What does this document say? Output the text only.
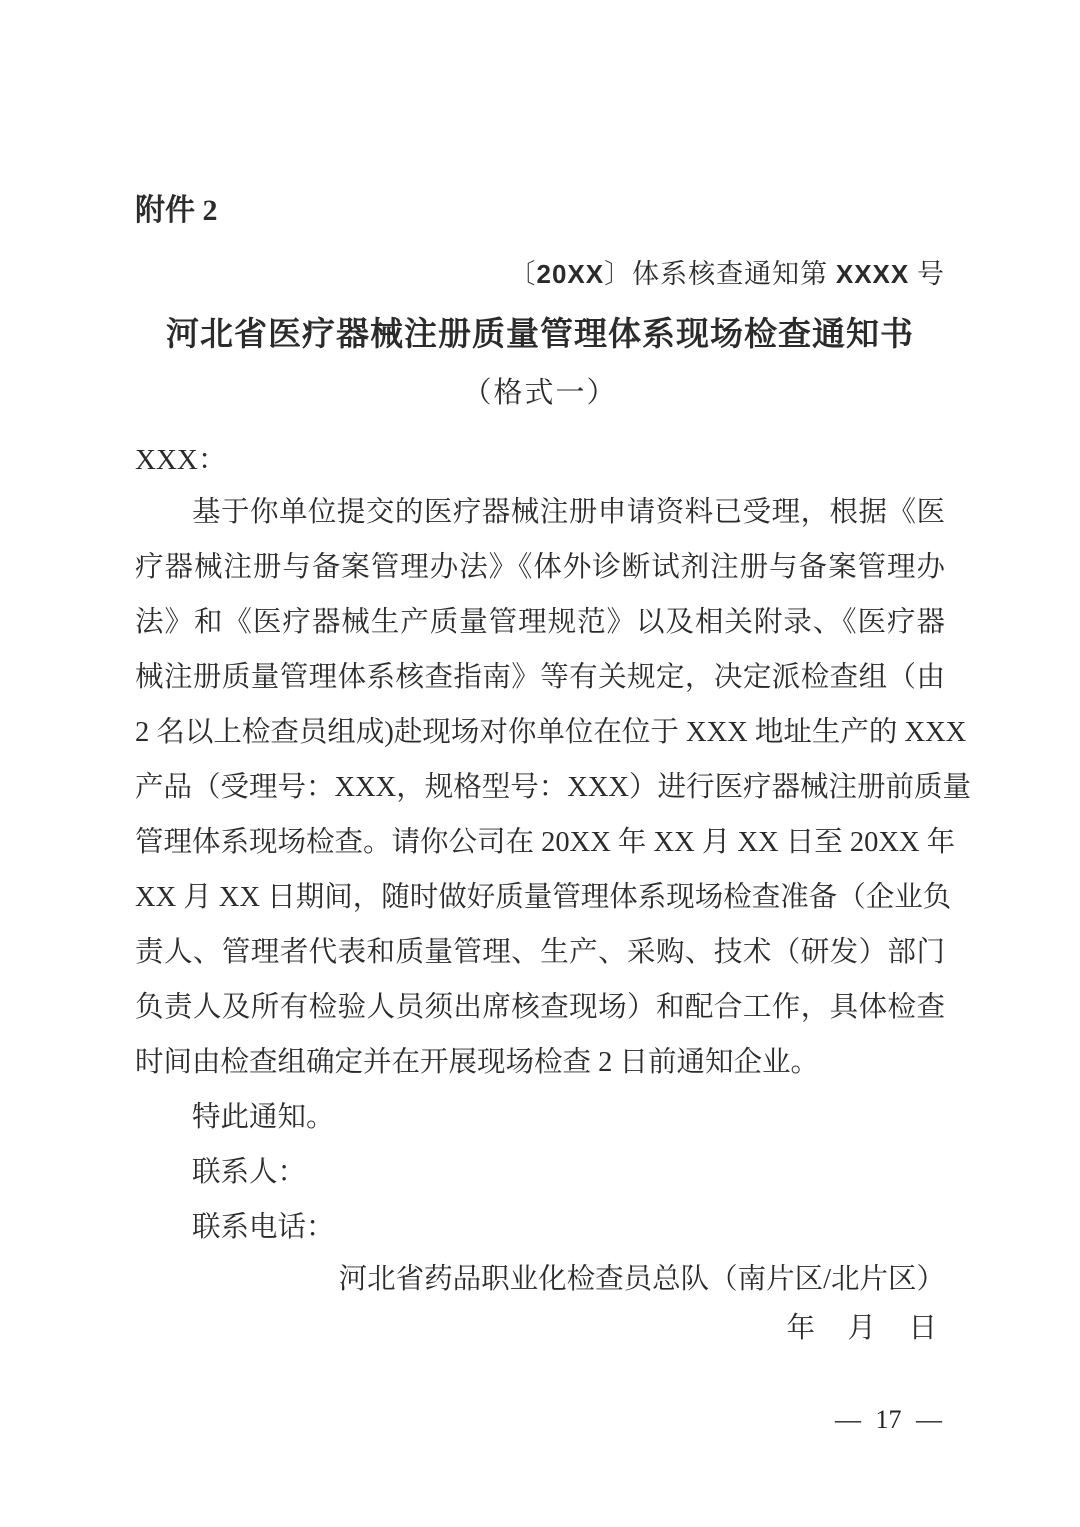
附件 2
〔20XX〕体系核查通知第 XXXX 号
河北省医疗器械注册质量管理体系现场检查通知书
（格式一）
XXX：
基于你单位提交的医疗器械注册申请资料已受理，根据《医
疗器械注册与备案管理办法》《体外诊断试剂注册与备案管理办
法》和《医疗器械生产质量管理规范》以及相关附录、《医疗器
械注册质量管理体系核查指南》等有关规定，决定派检查组（由
2 名以上检查员组成)赴现场对你单位在位于 XXX 地址生产的 XXX
产品（受理号：XXX，规格型号：XXX）进行医疗器械注册前质量
管理体系现场检查。请你公司在 20XX 年 XX 月 XX 日至 20XX 年
XX 月 XX 日期间，随时做好质量管理体系现场检查准备（企业负
责人、管理者代表和质量管理、生产、采购、技术（研发）部门
负责人及所有检验人员须出席核查现场）和配合工作，具体检查
时间由检查组确定并在开展现场检查 2 日前通知企业。
特此通知。
联系人：
联系电话：
河北省药品职业化检查员总队（南片区/北片区）
年　月　日
— 17 —
